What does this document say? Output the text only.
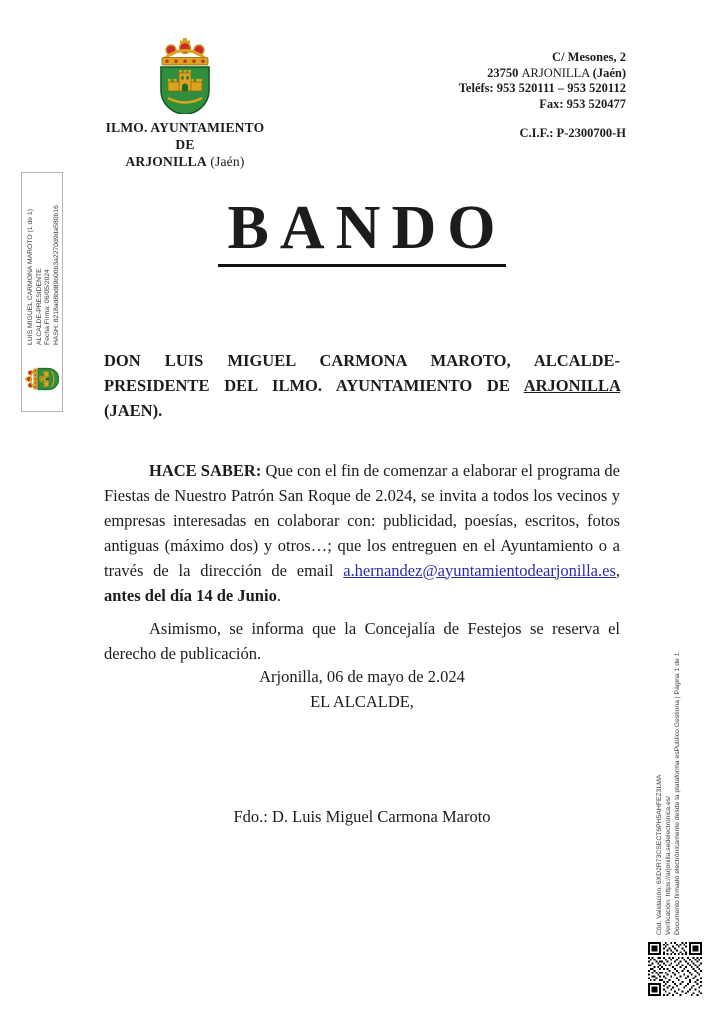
LUIS MIGUEL CARMONA MAROTO (1 de 1) ALCALDE-PRESIDENTE Fecha Firma: 06/05/2024 HASH: 8218ad8bd89b00b3a2270d9da580b16
ILMO. AYUNTAMIENTO DE
ARJONILLA (Jaén)
C/ Mesones, 2
23750 ARJONILLA (Jaén)
Teléfs: 953 520111 – 953 520112
Fax: 953 520477
C.I.F.: P-2300700-H
BANDO

DON LUIS MIGUEL CARMONA MAROTO, ALCALDE-PRESIDENTE DEL ILMO. AYUNTAMIENTO DE ARJONILLA (JAEN).

HACE SABER: Que con el fin de comenzar a elaborar el programa de Fiestas de Nuestro Patrón San Roque de 2.024, se invita a todos los vecinos y empresas interesadas en colaborar con: publicidad, poesías, escritos, fotos antiguas (máximo dos) y otros…; que los entreguen en el Ayuntamiento o a través de la dirección de email a.hernandez@ayuntamientodearjonilla.es, antes del día 14 de Junio.

Asimismo, se informa que la Concejalía de Festejos se reserva el derecho de publicación.

Arjonilla, 06 de mayo de 2.024
EL ALCALDE,
Fdo.: D. Luis Miguel Carmona Maroto	Cód. Validación: 6XD2R73CSECT6PH5AHFEZ3LMA Verificación: https://arjonilla.sedelectronica.es/ Documento firmado electrónicamente desde la plataforma esPublico Gestiona | Página 1 de 1
